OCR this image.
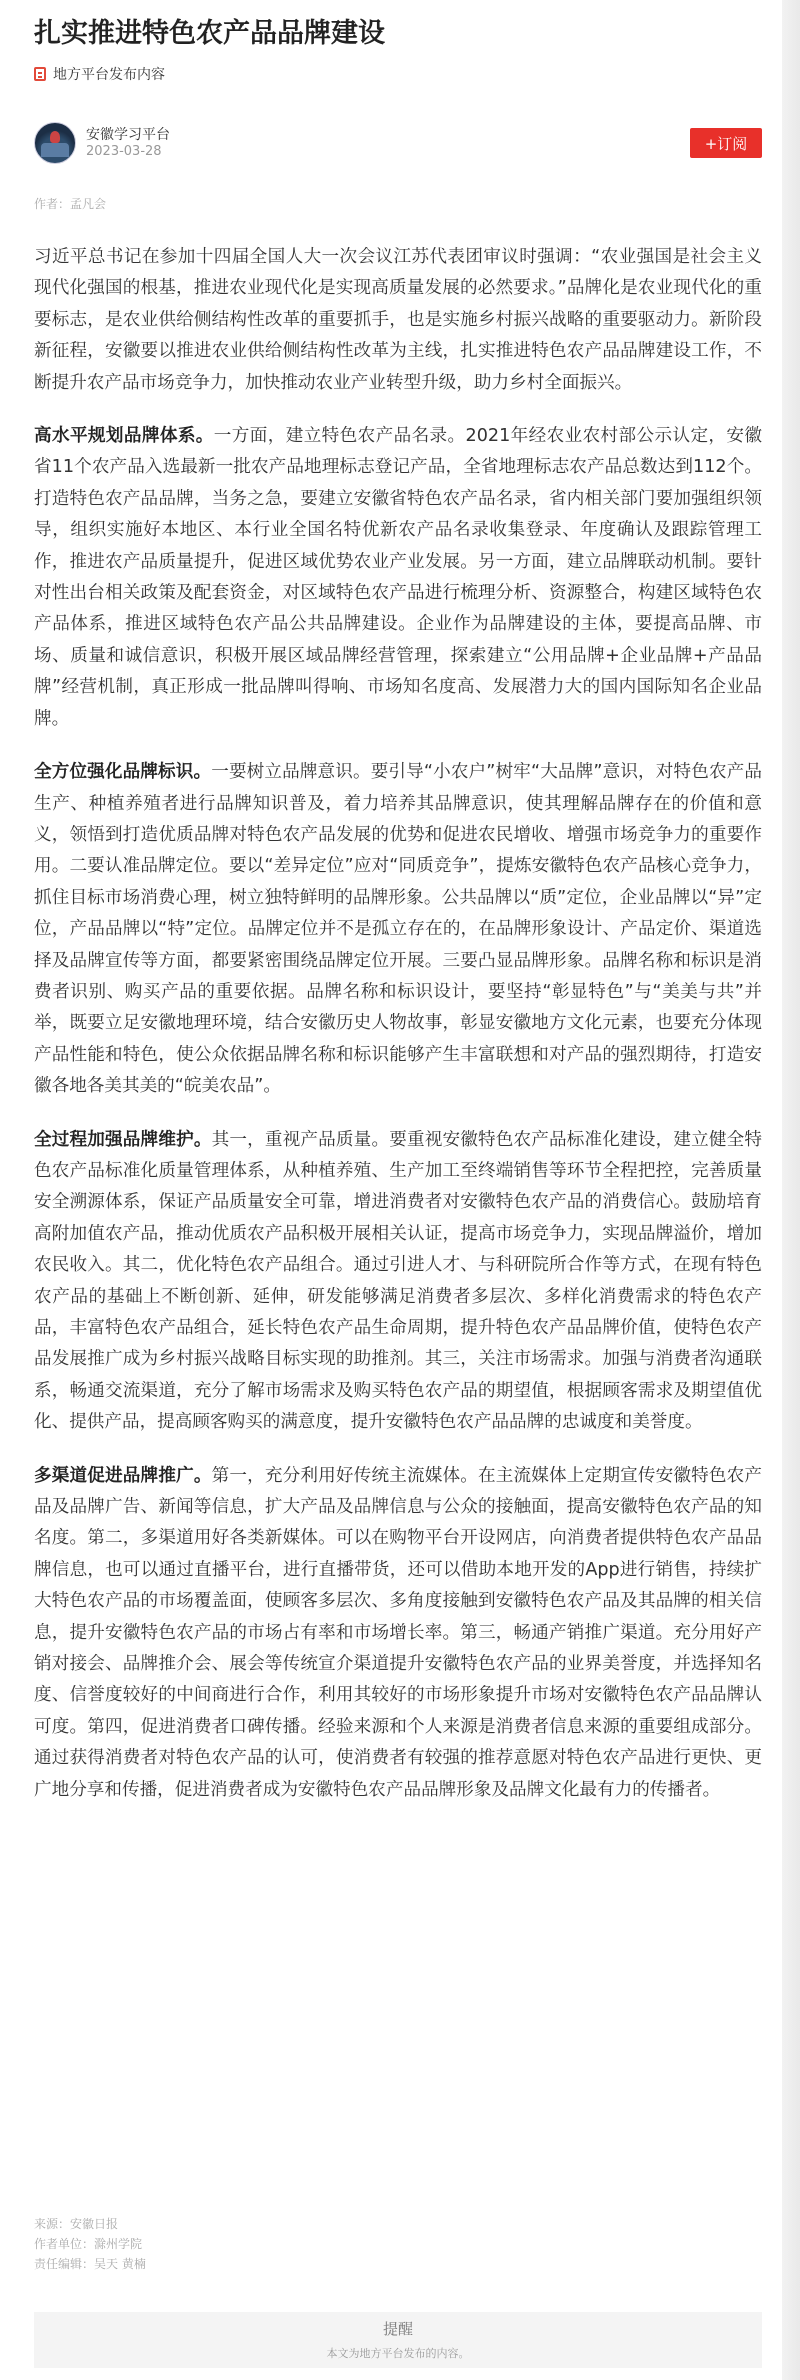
扎实推进特色农产品品牌建设
地方平台发布内容
安徽学习平台
2023-03-28	+订阅
作者：孟凡会

习近平总书记在参加十四届全国人大一次会议江苏代表团审议时强调：“农业强国是社会主义现代化强国的根基，推进农业现代化是实现高质量发展的必然要求。”品牌化是农业现代化的重要标志，是农业供给侧结构性改革的重要抓手，也是实施乡村振兴战略的重要驱动力。新阶段新征程，安徽要以推进农业供给侧结构性改革为主线，扎实推进特色农产品品牌建设工作，不断提升农产品市场竞争力，加快推动农业产业转型升级，助力乡村全面振兴。

高水平规划品牌体系。一方面，建立特色农产品名录。2021年经农业农村部公示认定，安徽省11个农产品入选最新一批农产品地理标志登记产品，全省地理标志农产品总数达到112个。打造特色农产品品牌，当务之急，要建立安徽省特色农产品名录，省内相关部门要加强组织领导，组织实施好本地区、本行业全国名特优新农产品名录收集登录、年度确认及跟踪管理工作，推进农产品质量提升，促进区域优势农业产业发展。另一方面，建立品牌联动机制。要针对性出台相关政策及配套资金，对区域特色农产品进行梳理分析、资源整合，构建区域特色农产品体系，推进区域特色农产品公共品牌建设。企业作为品牌建设的主体，要提高品牌、市场、质量和诚信意识，积极开展区域品牌经营管理，探索建立“公用品牌+企业品牌+产品品牌”经营机制，真正形成一批品牌叫得响、市场知名度高、发展潜力大的国内国际知名企业品牌。

全方位强化品牌标识。一要树立品牌意识。要引导“小农户”树牢“大品牌”意识，对特色农产品生产、种植养殖者进行品牌知识普及，着力培养其品牌意识，使其理解品牌存在的价值和意义，领悟到打造优质品牌对特色农产品发展的优势和促进农民增收、增强市场竞争力的重要作用。二要认准品牌定位。要以“差异定位”应对“同质竞争”，提炼安徽特色农产品核心竞争力，抓住目标市场消费心理，树立独特鲜明的品牌形象。公共品牌以“质”定位，企业品牌以“异”定位，产品品牌以“特”定位。品牌定位并不是孤立存在的，在品牌形象设计、产品定价、渠道选择及品牌宣传等方面，都要紧密围绕品牌定位开展。三要凸显品牌形象。品牌名称和标识是消费者识别、购买产品的重要依据。品牌名称和标识设计，要坚持“彰显特色”与“美美与共”并举，既要立足安徽地理环境，结合安徽历史人物故事，彰显安徽地方文化元素，也要充分体现产品性能和特色，使公众依据品牌名称和标识能够产生丰富联想和对产品的强烈期待，打造安徽各地各美其美的“皖美农品”。

全过程加强品牌维护。其一，重视产品质量。要重视安徽特色农产品标准化建设，建立健全特色农产品标准化质量管理体系，从种植养殖、生产加工至终端销售等环节全程把控，完善质量安全溯源体系，保证产品质量安全可靠，增进消费者对安徽特色农产品的消费信心。鼓励培育高附加值农产品，推动优质农产品积极开展相关认证，提高市场竞争力，实现品牌溢价，增加农民收入。其二，优化特色农产品组合。通过引进人才、与科研院所合作等方式，在现有特色农产品的基础上不断创新、延伸，研发能够满足消费者多层次、多样化消费需求的特色农产品，丰富特色农产品组合，延长特色农产品生命周期，提升特色农产品品牌价值，使特色农产品发展推广成为乡村振兴战略目标实现的助推剂。其三，关注市场需求。加强与消费者沟通联系，畅通交流渠道，充分了解市场需求及购买特色农产品的期望值，根据顾客需求及期望值优化、提供产品，提高顾客购买的满意度，提升安徽特色农产品品牌的忠诚度和美誉度。

多渠道促进品牌推广。第一，充分利用好传统主流媒体。在主流媒体上定期宣传安徽特色农产品及品牌广告、新闻等信息，扩大产品及品牌信息与公众的接触面，提高安徽特色农产品的知名度。第二，多渠道用好各类新媒体。可以在购物平台开设网店，向消费者提供特色农产品品牌信息，也可以通过直播平台，进行直播带货，还可以借助本地开发的App进行销售，持续扩大特色农产品的市场覆盖面，使顾客多层次、多角度接触到安徽特色农产品及其品牌的相关信息，提升安徽特色农产品的市场占有率和市场增长率。第三，畅通产销推广渠道。充分用好产销对接会、品牌推介会、展会等传统宣介渠道提升安徽特色农产品的业界美誉度，并选择知名度、信誉度较好的中间商进行合作，利用其较好的市场形象提升市场对安徽特色农产品品牌认可度。第四，促进消费者口碑传播。经验来源和个人来源是消费者信息来源的重要组成部分。通过获得消费者对特色农产品的认可，使消费者有较强的推荐意愿对特色农产品进行更快、更广地分享和传播，促进消费者成为安徽特色农产品品牌形象及品牌文化最有力的传播者。

来源：安徽日报
作者单位：滁州学院
责任编辑：吴天 黄楠
提醒
本文为地方平台发布的内容。
